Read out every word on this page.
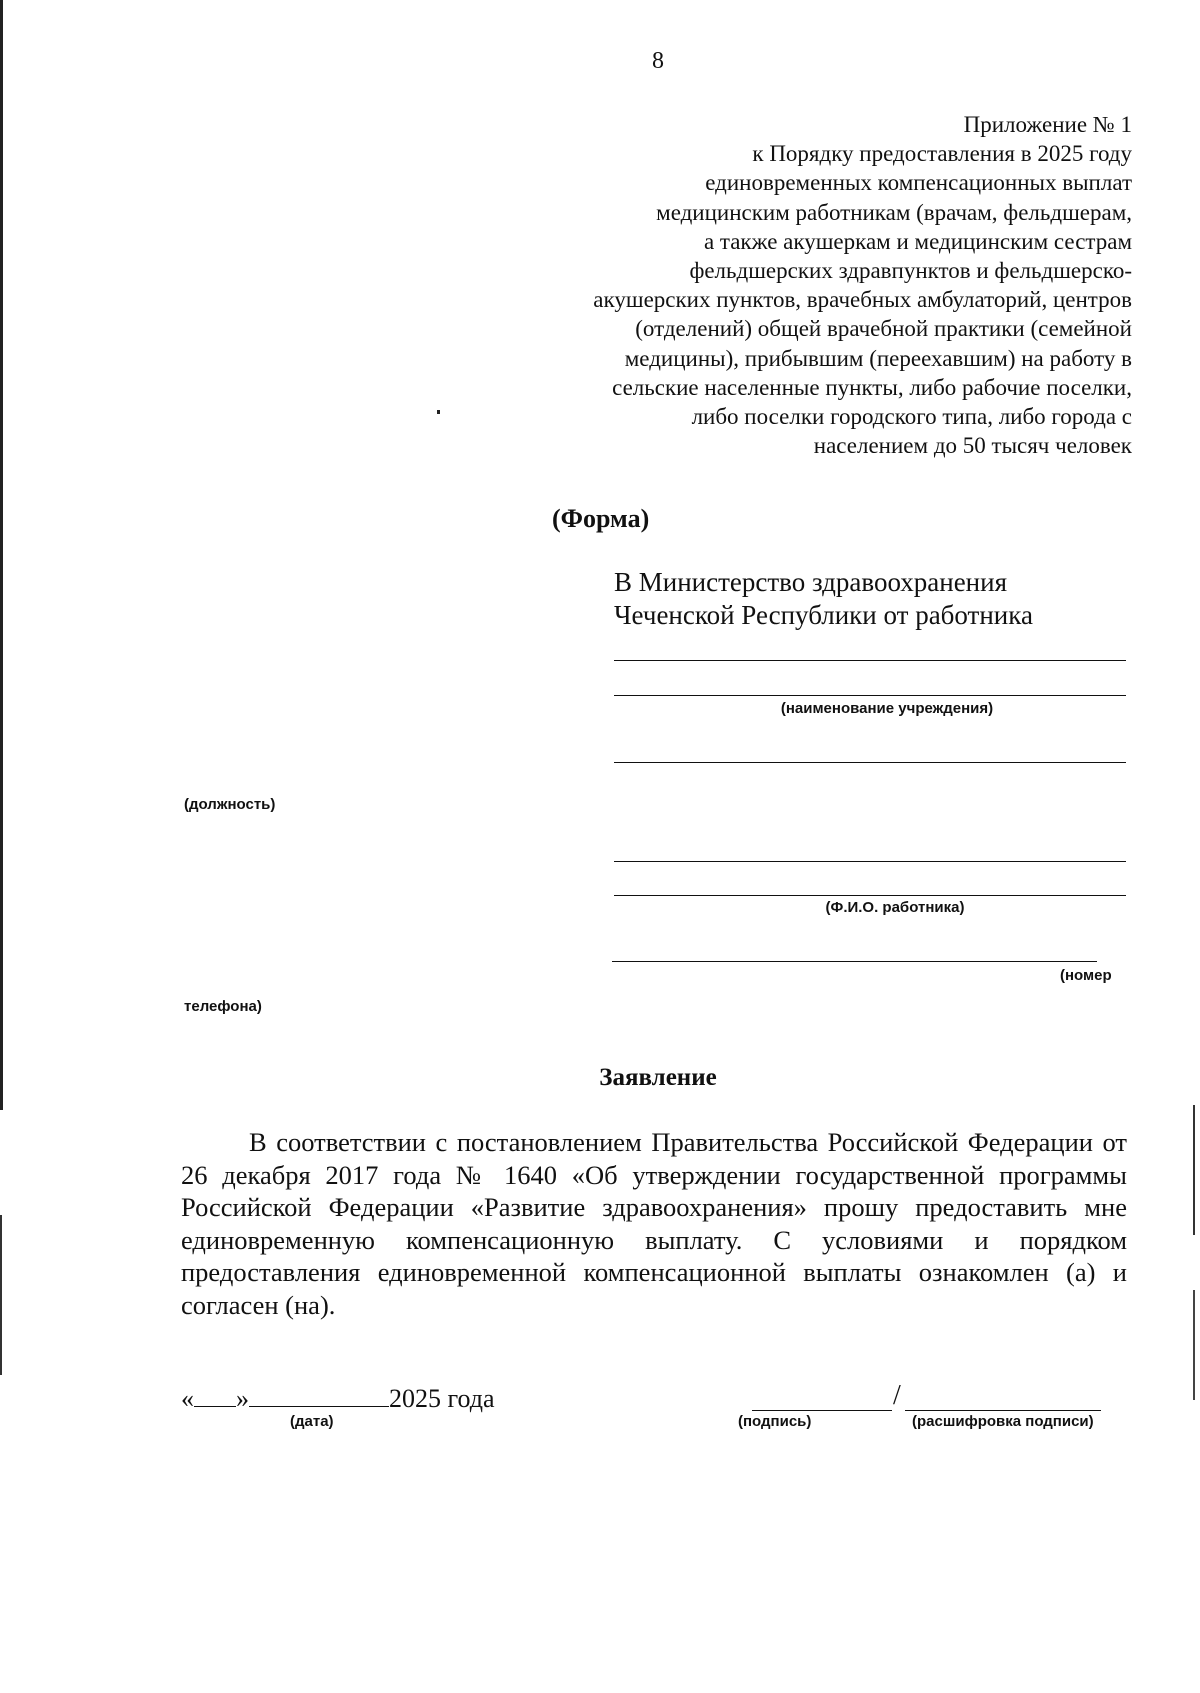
8
Приложение № 1
к Порядку предоставления в 2025 году
единовременных компенсационных выплат
медицинским работникам (врачам, фельдшерам,
а также акушеркам и медицинским сестрам
фельдшерских здравпунктов и фельдшерско-
акушерских пунктов, врачебных амбулаторий, центров
(отделений) общей врачебной практики (семейной
медицины), прибывшим (переехавшим) на работу в
сельские населенные пункты, либо рабочие поселки,
либо поселки городского типа, либо города с
населением до 50 тысяч человек
(Форма)
В Министерство здравоохранения
Чеченской Республики от работника
(наименование учреждения)
(должность)
(Ф.И.О. работника)
(номер
телефона)
Заявление

В соответствии с постановлением Правительства Российской Федерации от 26 декабря 2017 года № 1640 «Об утверждении государственной программы Российской Федерации «Развитие здравоохранения» прошу предоставить мне единовременную компенсационную выплату. С условиями и порядком предоставления единовременной компенсационной выплаты ознакомлен (а) и согласен (на).

« »	2025 года
(дата)
/
(подпись)	(расшифровка подписи)
